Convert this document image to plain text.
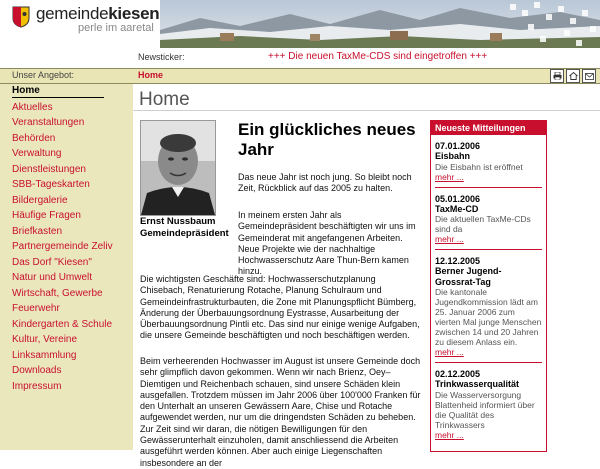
gemeindekiesen
perle im aaretal
Newsticker:	+++ Die neuen TaxMe-CDS sind eingetroffen +++
Unser Angebot:	Home
Home
Aktuelles
Veranstaltungen
Behörden
Verwaltung
Dienstleistungen
SBB-Tageskarten
Bildergalerie
Häufige Fragen
Briefkasten
Partnergemeinde Zeliv
Das Dorf "Kiesen"
Natur und Umwelt
Wirtschaft, Gewerbe
Feuerwehr
Kindergarten & Schule
Kultur, Vereine
Linksammlung
Downloads
Impressum
Home
Ernst Nussbaum
Gemeindepräsident
Ein glückliches neues Jahr
Das neue Jahr ist noch jung. So bleibt noch Zeit, Rückblick auf das 2005 zu halten.
In meinem ersten Jahr als Gemeindepräsident beschäftigten wir uns im Gemeinderat mit angefangenen Arbeiten. Neue Projekte wie der nachhaltige Hochwasserschutz Aare Thun-Bern kamen hinzu.
Die wichtigsten Geschäfte sind: Hochwasserschutzplanung Chisebach, Renaturierung Rotache, Planung Schulraum und Gemeindeinfrastrukturbauten, die Zone mit Planungspflicht Bümberg, Änderung der Überbauungsordnung Eystrasse, Ausarbeitung der Überbauungsordnung Pintli etc. Das sind nur einige wenige Aufgaben, die unsere Gemeinde beschäftigten und noch beschäftigen werden.
Beim verheerenden Hochwasser im August ist unsere Gemeinde doch sehr glimpflich davon gekommen. Wenn wir nach Brienz, Oey–Diemtigen und Reichenbach schauen, sind unsere Schäden klein ausgefallen. Trotzdem müssen im Jahr 2006 über 100'000 Franken für den Unterhalt an unseren Gewässern Aare, Chise und Rotache aufgewendet werden, nur um die dringendsten Schäden zu beheben. Zur Zeit sind wir daran, die nötigen Bewilligungen für den Gewässerunterhalt einzuholen, damit anschliessend die Arbeiten ausgeführt werden können. Aber auch einige Liegenschaften insbesondere an der
Neueste Mitteilungen
07.01.2006
Eisbahn
Die Eisbahn ist eröffnet
mehr ...
05.01.2006
TaxMe-CD
Die aktuellen TaxMe-CDs sind da
mehr ...
12.12.2005
Berner Jugend-Grossrat-Tag
Die kantonale Jugendkommission lädt am 25. Januar 2006 zum vierten Mal junge Menschen zwischen 14 und 20 Jahren zu diesem Anlass ein.
mehr ...
02.12.2005
Trinkwasserqualität
Die Wasserversorgung Blattenheid informiert über die Qualität des Trinkwassers
mehr ...
